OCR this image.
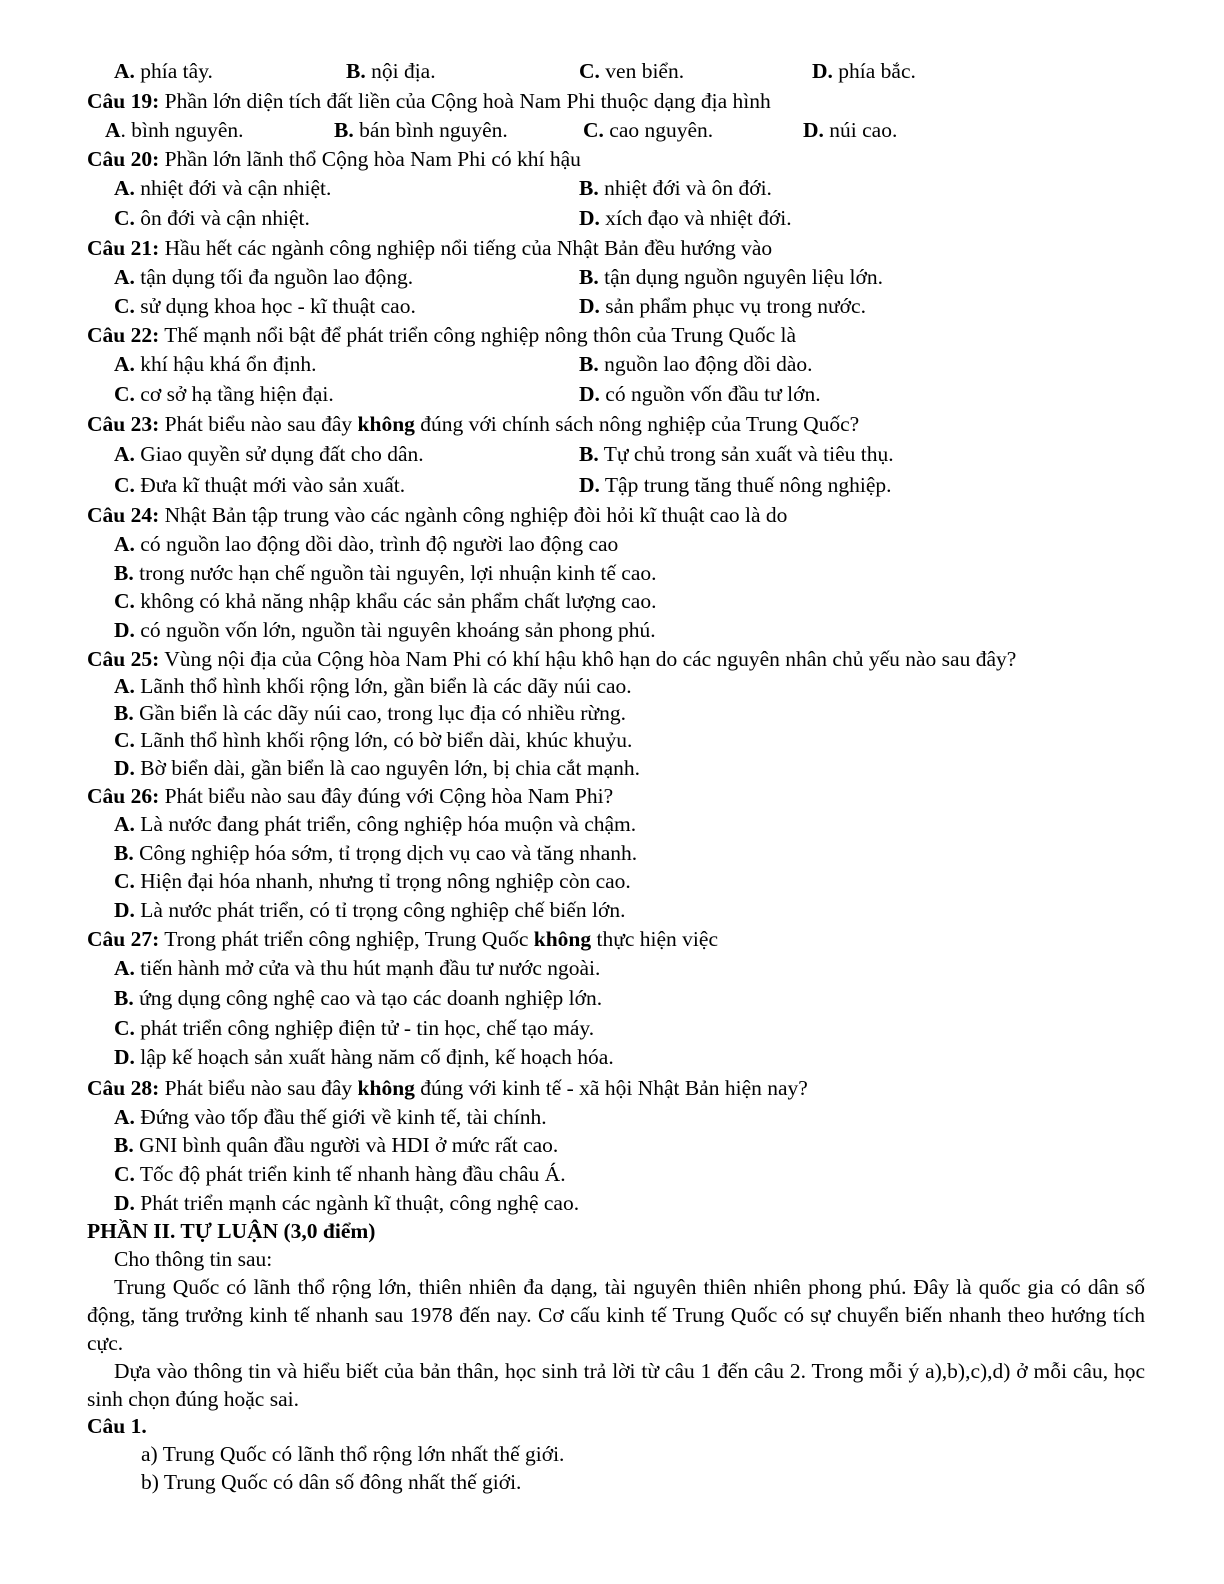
A. phía tây.	B. nội địa.	C. ven biển.	D. phía bắc.
Câu 19: Phần lớn diện tích đất liền của Cộng hoà Nam Phi thuộc dạng địa hình
A. bình nguyên.	B. bán bình nguyên.	C. cao nguyên.	D. núi cao.
Câu 20: Phần lớn lãnh thổ Cộng hòa Nam Phi có khí hậu
A. nhiệt đới và cận nhiệt.	B. nhiệt đới và ôn đới.
C. ôn đới và cận nhiệt.	D. xích đạo và nhiệt đới.
Câu 21: Hầu hết các ngành công nghiệp nổi tiếng của Nhật Bản đều hướng vào
A. tận dụng tối đa nguồn lao động.	B. tận dụng nguồn nguyên liệu lớn.
C. sử dụng khoa học - kĩ thuật cao.	D. sản phẩm phục vụ trong nước.
Câu 22: Thế mạnh nổi bật để phát triển công nghiệp nông thôn của Trung Quốc là
A. khí hậu khá ổn định.	B. nguồn lao động dồi dào.
C. cơ sở hạ tầng hiện đại.	D. có nguồn vốn đầu tư lớn.
Câu 23: Phát biểu nào sau đây không đúng với chính sách nông nghiệp của Trung Quốc?
A. Giao quyền sử dụng đất cho dân.	B. Tự chủ trong sản xuất và tiêu thụ.
C. Đưa kĩ thuật mới vào sản xuất.	D. Tập trung tăng thuế nông nghiệp.
Câu 24: Nhật Bản tập trung vào các ngành công nghiệp đòi hỏi kĩ thuật cao là do
A. có nguồn lao động dồi dào, trình độ người lao động cao
B. trong nước hạn chế nguồn tài nguyên, lợi nhuận kinh tế cao.
C. không có khả năng nhập khẩu các sản phẩm chất lượng cao.
D. có nguồn vốn lớn, nguồn tài nguyên khoáng sản phong phú.
Câu 25: Vùng nội địa của Cộng hòa Nam Phi có khí hậu khô hạn do các nguyên nhân chủ yếu nào sau đây?
A. Lãnh thổ hình khối rộng lớn, gần biển là các dãy núi cao.
B. Gần biển là các dãy núi cao, trong lục địa có nhiều rừng.
C. Lãnh thổ hình khối rộng lớn, có bờ biển dài, khúc khuỷu.
D. Bờ biển dài, gần biển là cao nguyên lớn, bị chia cắt mạnh.
Câu 26: Phát biểu nào sau đây đúng với Cộng hòa Nam Phi?
A. Là nước đang phát triển, công nghiệp hóa muộn và chậm.
B. Công nghiệp hóa sớm, tỉ trọng dịch vụ cao và tăng nhanh.
C. Hiện đại hóa nhanh, nhưng tỉ trọng nông nghiệp còn cao.
D. Là nước phát triển, có tỉ trọng công nghiệp chế biến lớn.
Câu 27: Trong phát triển công nghiệp, Trung Quốc không thực hiện việc
A. tiến hành mở cửa và thu hút mạnh đầu tư nước ngoài.
B. ứng dụng công nghệ cao và tạo các doanh nghiệp lớn.
C. phát triển công nghiệp điện tử - tin học, chế tạo máy.
D. lập kế hoạch sản xuất hàng năm cố định, kế hoạch hóa.
Câu 28: Phát biểu nào sau đây không đúng với kinh tế - xã hội Nhật Bản hiện nay?
A. Đứng vào tốp đầu thế giới về kinh tế, tài chính.
B. GNI bình quân đầu người và HDI ở mức rất cao.
C. Tốc độ phát triển kinh tế nhanh hàng đầu châu Á.
D. Phát triển mạnh các ngành kĩ thuật, công nghệ cao.
PHẦN II. TỰ LUẬN (3,0 điểm)
Cho thông tin sau:
Trung Quốc có lãnh thổ rộng lớn, thiên nhiên đa dạng, tài nguyên thiên nhiên phong phú. Đây là quốc gia có dân số động, tăng trưởng kinh tế nhanh sau 1978 đến nay. Cơ cấu kinh tế Trung Quốc có sự chuyển biến nhanh theo hướng tích cực.
Dựa vào thông tin và hiểu biết của bản thân, học sinh trả lời từ câu 1 đến câu 2. Trong mỗi ý a),b),c),d) ở mỗi câu, học sinh chọn đúng hoặc sai.
Câu 1.
a) Trung Quốc có lãnh thổ rộng lớn nhất thế giới.
b) Trung Quốc có dân số đông nhất thế giới.
